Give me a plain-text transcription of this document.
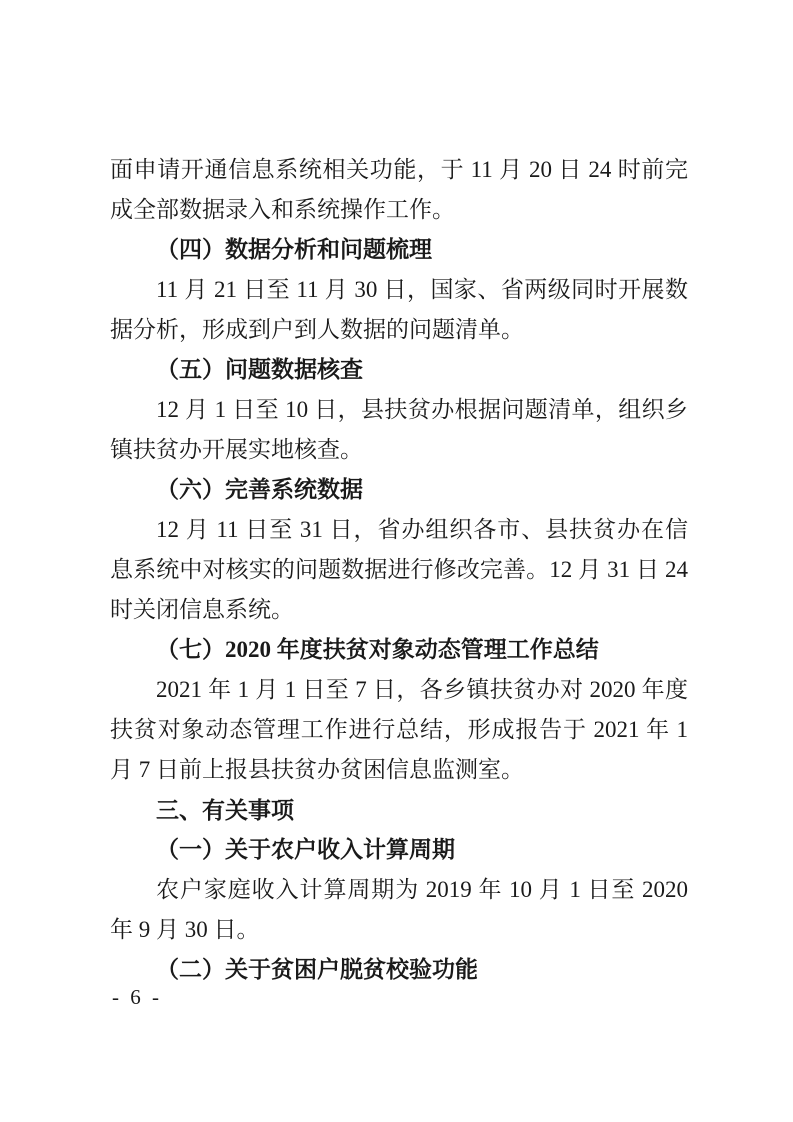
面申请开通信息系统相关功能，于 11 月 20 日 24 时前完成全部数据录入和系统操作工作。

（四）数据分析和问题梳理

11 月 21 日至 11 月 30 日，国家、省两级同时开展数据分析，形成到户到人数据的问题清单。

（五）问题数据核查

12 月 1 日至 10 日，县扶贫办根据问题清单，组织乡镇扶贫办开展实地核查。

（六）完善系统数据

12 月 11 日至 31 日，省办组织各市、县扶贫办在信息系统中对核实的问题数据进行修改完善。12 月 31 日 24 时关闭信息系统。

（七）2020 年度扶贫对象动态管理工作总结

2021 年 1 月 1 日至 7 日，各乡镇扶贫办对 2020 年度扶贫对象动态管理工作进行总结，形成报告于 2021 年 1 月 7 日前上报县扶贫办贫困信息监测室。

三、有关事项

（一）关于农户收入计算周期

农户家庭收入计算周期为 2019 年 10 月 1 日至 2020 年 9 月 30 日。

（二）关于贫困户脱贫校验功能

- 6 -
